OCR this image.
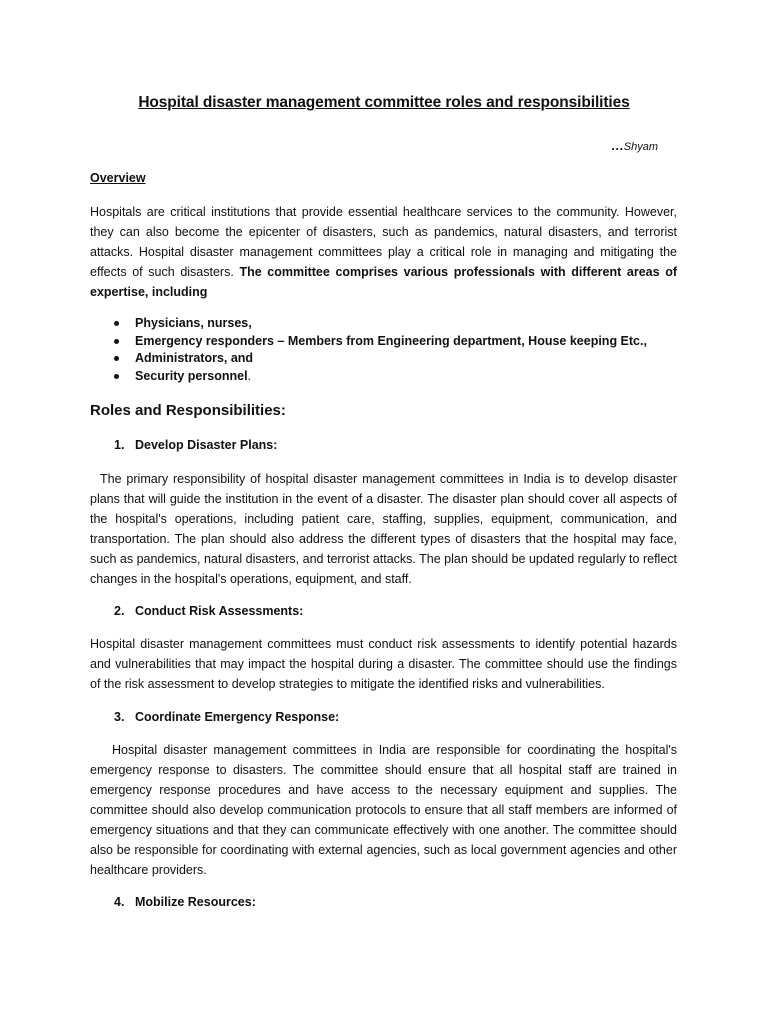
Hospital disaster management committee roles and responsibilities
…Shyam
Overview

Hospitals are critical institutions that provide essential healthcare services to the community. However, they can also become the epicenter of disasters, such as pandemics, natural disasters, and terrorist attacks. Hospital disaster management committees play a critical role in managing and mitigating the effects of such disasters. The committee comprises various professionals with different areas of expertise, including

Physicians, nurses,
Emergency responders – Members from Engineering department, House keeping Etc.,
Administrators, and
Security personnel.
Roles and Responsibilities:
1. Develop Disaster Plans:

The primary responsibility of hospital disaster management committees in India is to develop disaster plans that will guide the institution in the event of a disaster. The disaster plan should cover all aspects of the hospital's operations, including patient care, staffing, supplies, equipment, communication, and transportation. The plan should also address the different types of disasters that the hospital may face, such as pandemics, natural disasters, and terrorist attacks. The plan should be updated regularly to reflect changes in the hospital's operations, equipment, and staff.

2. Conduct Risk Assessments:

Hospital disaster management committees must conduct risk assessments to identify potential hazards and vulnerabilities that may impact the hospital during a disaster. The committee should use the findings of the risk assessment to develop strategies to mitigate the identified risks and vulnerabilities.

3. Coordinate Emergency Response:

Hospital disaster management committees in India are responsible for coordinating the hospital's emergency response to disasters. The committee should ensure that all hospital staff are trained in emergency response procedures and have access to the necessary equipment and supplies. The committee should also develop communication protocols to ensure that all staff members are informed of emergency situations and that they can communicate effectively with one another. The committee should also be responsible for coordinating with external agencies, such as local government agencies and other healthcare providers.

4. Mobilize Resources:
